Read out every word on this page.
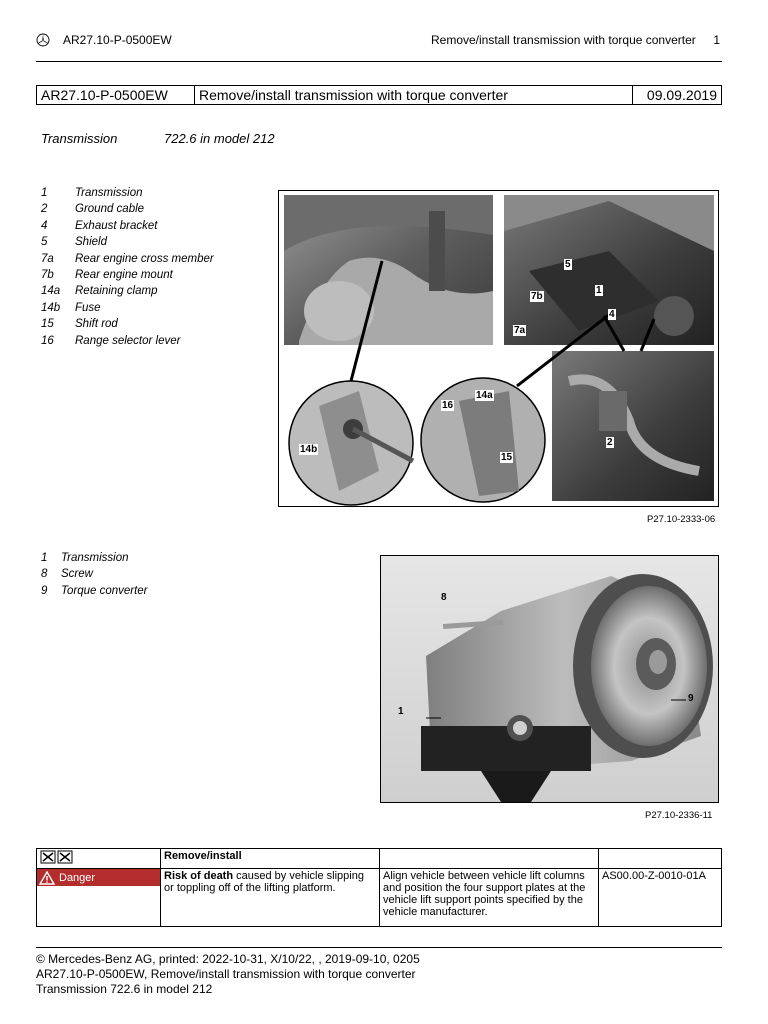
AR27.10-P-0500EW	Remove/install transmission with torque converter 1
AR27.10-P-0500EW	Remove/install transmission with torque converter	09.09.2019
Transmission	722.6 in model 212
1 Transmission
2 Ground cable
4 Exhaust bracket
5 Shield
7a Rear engine cross member
7b Rear engine mount
14a Retaining clamp
14b Fuse
15 Shift rod
16 Range selector lever
5
7b
1
4
7a
2
14b
14a
16
15
P27.10-2333-06
1 Transmission
8 Screw
9 Torque converter
8
1
9
P27.10-2336-11
	Remove/install		

Danger	Risk of death caused by vehicle slipping or toppling off of the lifting platform.	Align vehicle between vehicle lift columns and position the four support plates at the vehicle lift support points specified by the vehicle manufacturer.	AS00.00-Z-0010-01A
© Mercedes-Benz AG, printed: 2022-10-31, X/10/22, , 2019-09-10, 0205
AR27.10-P-0500EW, Remove/install transmission with torque converter
Transmission 722.6 in model 212
